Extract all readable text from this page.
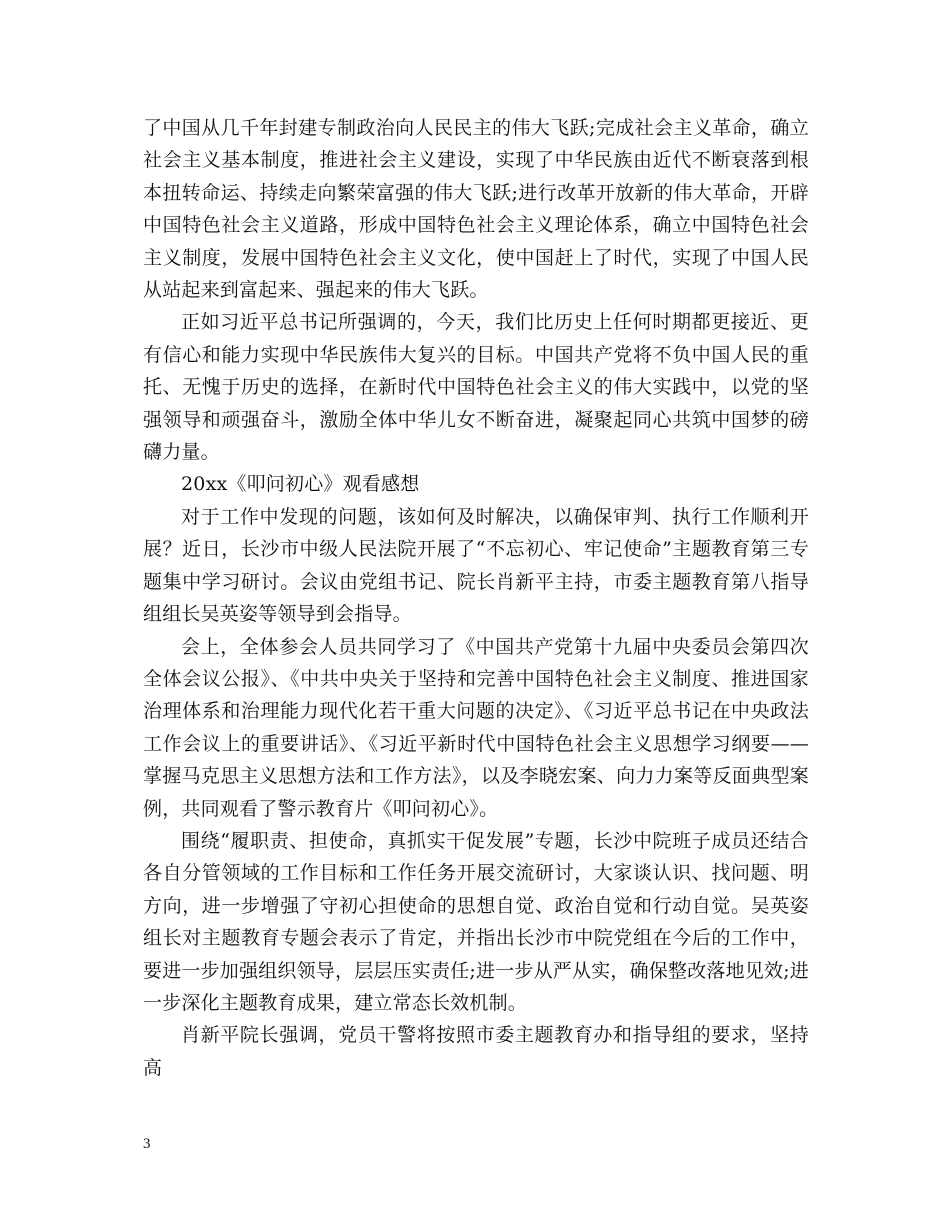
了中国从几千年封建专制政治向人民民主的伟大飞跃;完成社会主义革命，确立社会主义基本制度，推进社会主义建设，实现了中华民族由近代不断衰落到根本扭转命运、持续走向繁荣富强的伟大飞跃;进行改革开放新的伟大革命，开辟中国特色社会主义道路，形成中国特色社会主义理论体系，确立中国特色社会主义制度，发展中国特色社会主义文化，使中国赶上了时代，实现了中国人民从站起来到富起来、强起来的伟大飞跃。

正如习近平总书记所强调的，今天，我们比历史上任何时期都更接近、更有信心和能力实现中华民族伟大复兴的目标。中国共产党将不负中国人民的重托、无愧于历史的选择，在新时代中国特色社会主义的伟大实践中，以党的坚强领导和顽强奋斗，激励全体中华儿女不断奋进，凝聚起同心共筑中国梦的磅礴力量。

20xx《叩问初心》观看感想

对于工作中发现的问题，该如何及时解决，以确保审判、执行工作顺利开展？近日，长沙市中级人民法院开展了“不忘初心、牢记使命”主题教育第三专题集中学习研讨。会议由党组书记、院长肖新平主持，市委主题教育第八指导组组长吴英姿等领导到会指导。

会上，全体参会人员共同学习了《中国共产党第十九届中央委员会第四次全体会议公报》、《中共中央关于坚持和完善中国特色社会主义制度、推进国家治理体系和治理能力现代化若干重大问题的决定》、《习近平总书记在中央政法工作会议上的重要讲话》、《习近平新时代中国特色社会主义思想学习纲要——掌握马克思主义思想方法和工作方法》，以及李晓宏案、向力力案等反面典型案例，共同观看了警示教育片《叩问初心》。

围绕“履职责、担使命，真抓实干促发展”专题，长沙中院班子成员还结合各自分管领域的工作目标和工作任务开展交流研讨，大家谈认识、找问题、明方向，进一步增强了守初心担使命的思想自觉、政治自觉和行动自觉。吴英姿组长对主题教育专题会表示了肯定，并指出长沙市中院党组在今后的工作中，要进一步加强组织领导，层层压实责任;进一步从严从实，确保整改落地见效;进一步深化主题教育成果，建立常态长效机制。

肖新平院长强调，党员干警将按照市委主题教育办和指导组的要求，坚持高

3
